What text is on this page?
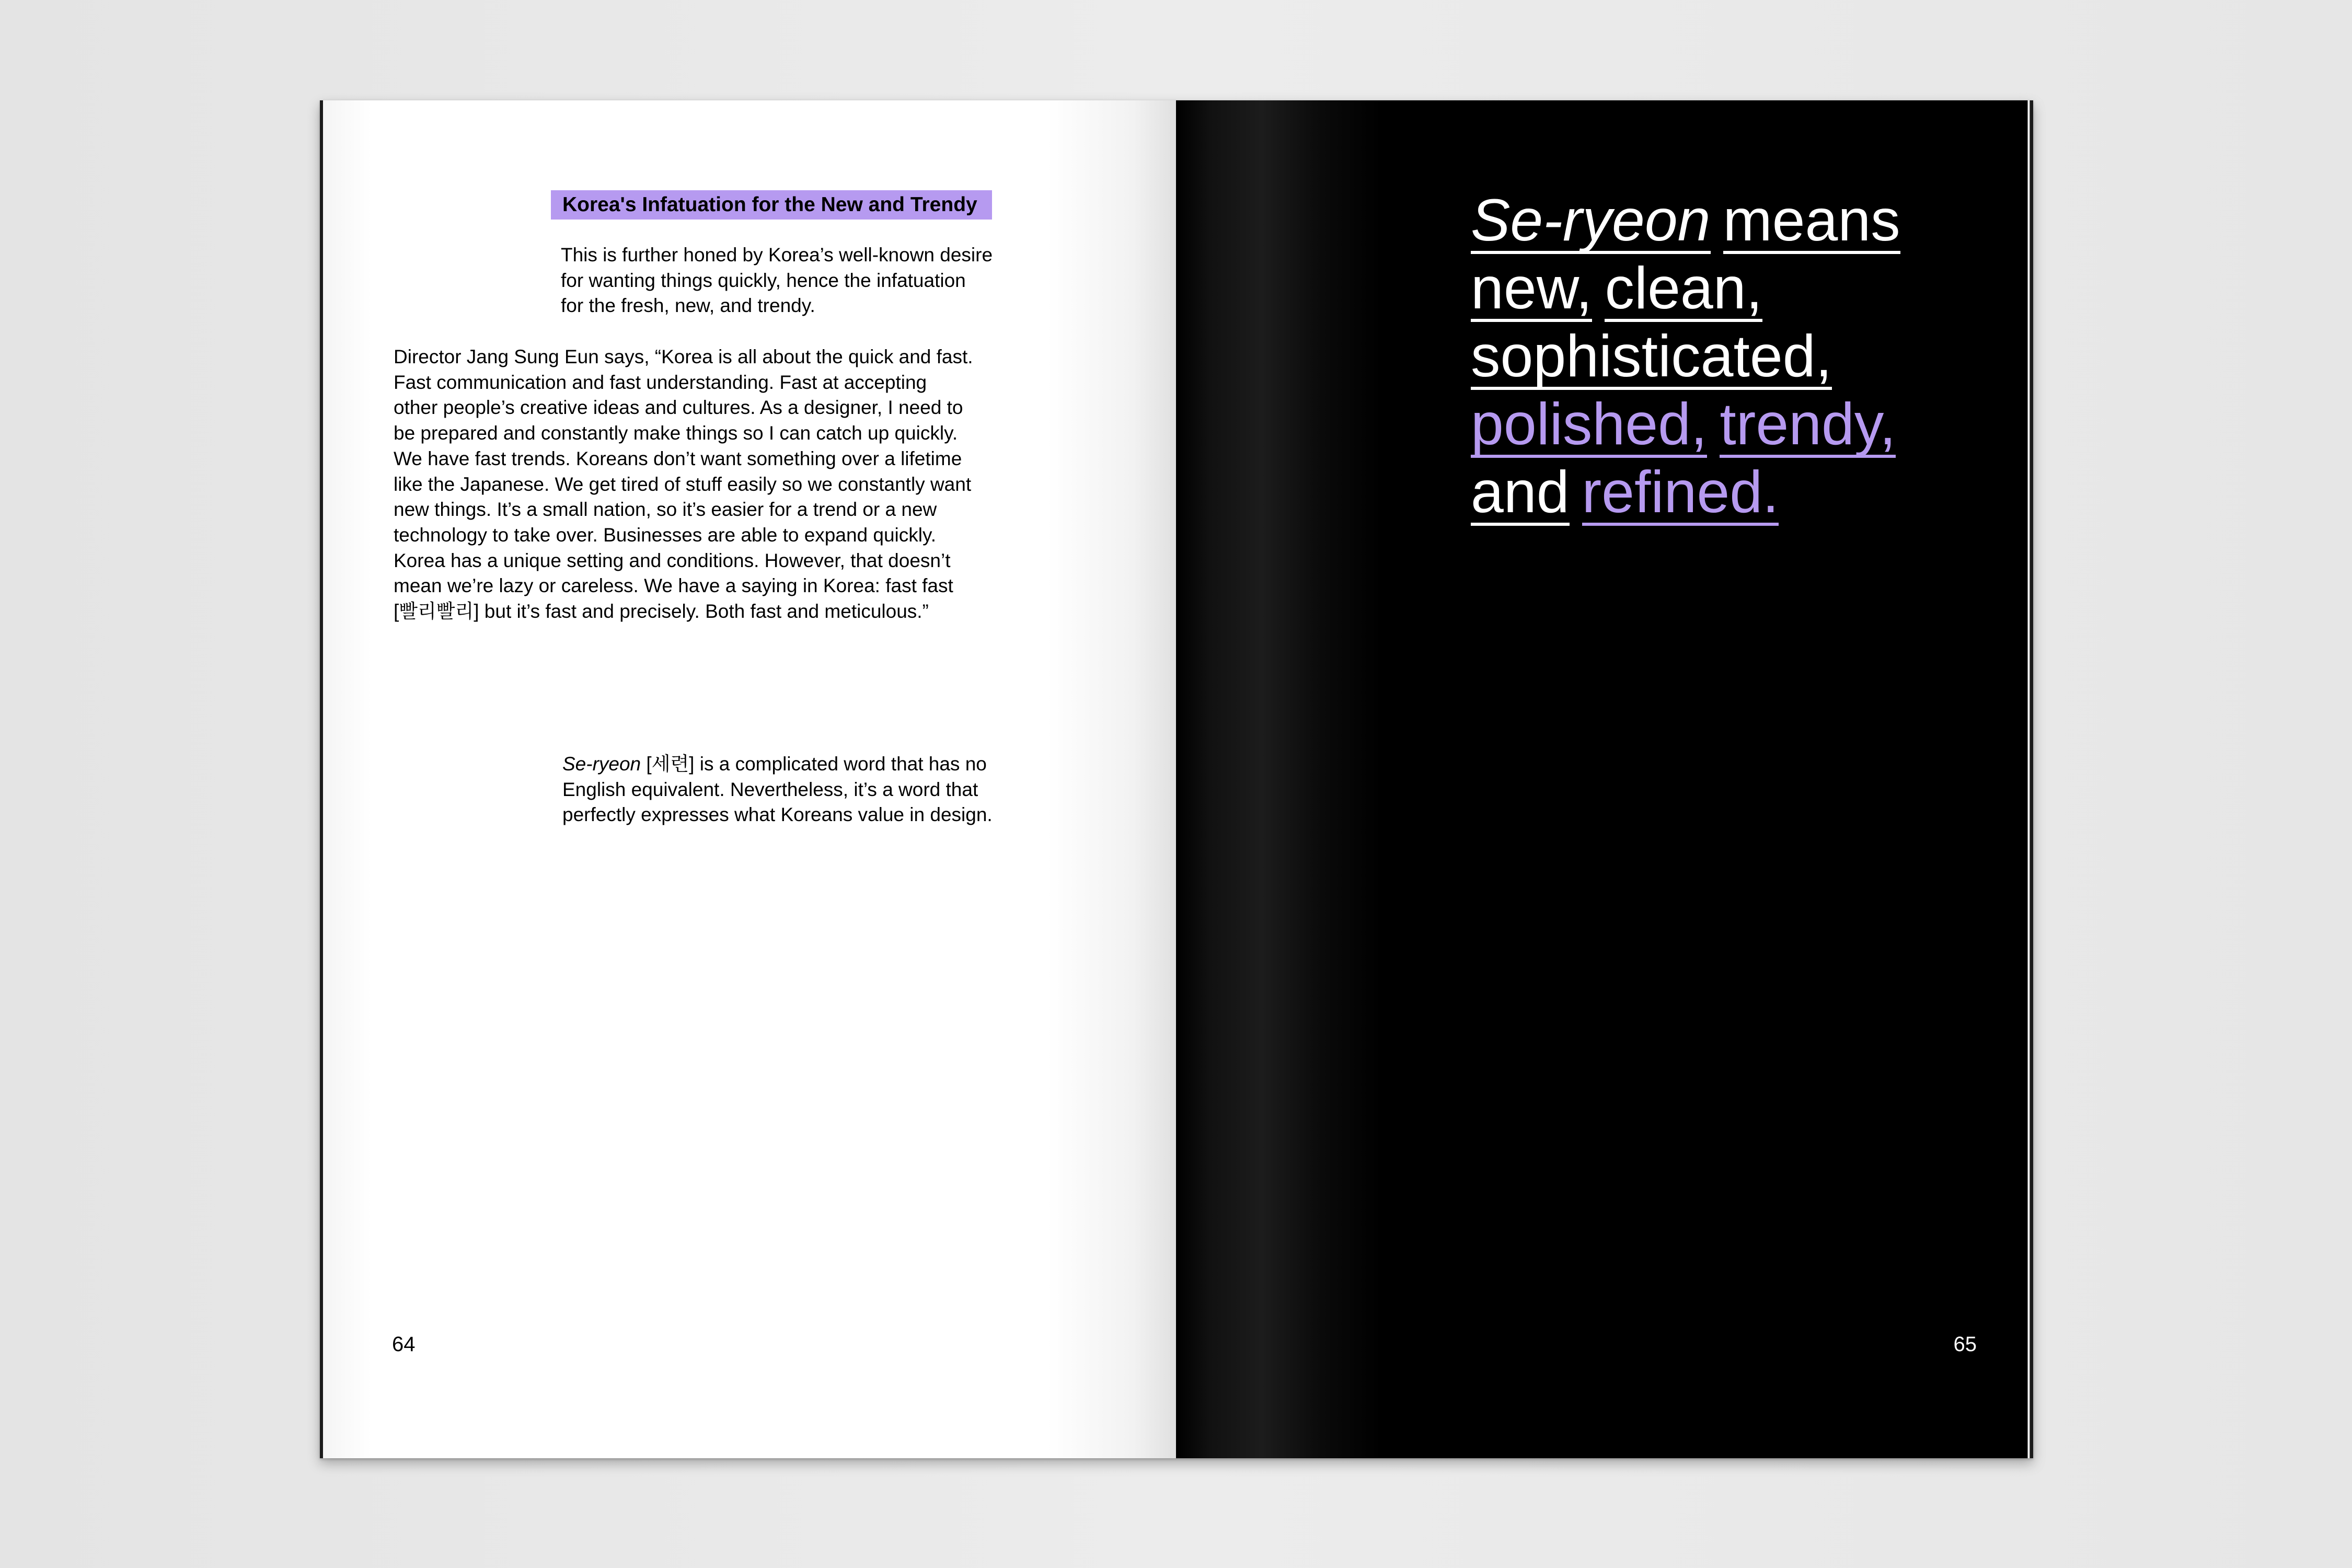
Korea's Infatuation for the New and Trendy

This is further honed by Korea’s well-known desire
for wanting things quickly, hence the infatuation
for the fresh, new, and trendy.

Director Jang Sung Eun says, “Korea is all about the quick and fast.
Fast communication and fast understanding. Fast at accepting
other people’s creative ideas and cultures. As a designer, I need to
be prepared and constantly make things so I can catch up quickly.
We have fast trends. Koreans don’t want something over a lifetime
like the Japanese. We get tired of stuff easily so we constantly want
new things. It’s a small nation, so it’s easier for a trend or a new
technology to take over. Businesses are able to expand quickly.
Korea has a unique setting and conditions. However, that doesn’t
mean we’re lazy or careless. We have a saying in Korea: fast fast
[빨리빨리] but it’s fast and precisely. Both fast and meticulous.”

Se-ryeon [세련] is a complicated word that has no
English equivalent. Nevertheless, it’s a word that
perfectly expresses what Koreans value in design.

64	65
Se-ryeon means
new, clean,
sophisticated,
polished, trendy,
and refined.
